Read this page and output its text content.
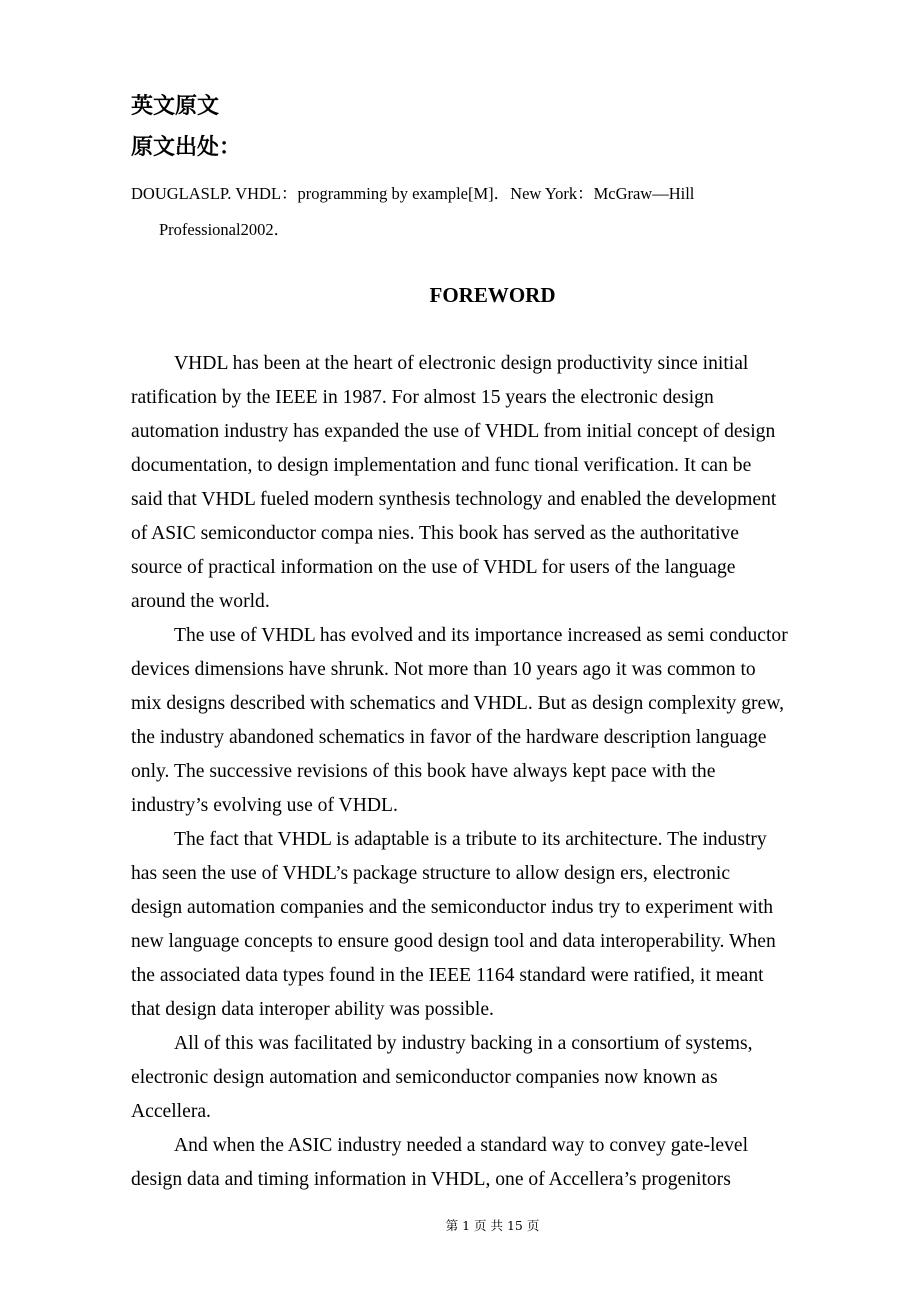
英文原文
原文出处：

DOUGLASLP. VHDL：programming by example[M]．New York：McGraw—Hill
Professional2002．

FOREWORD

VHDL has been at the heart of electronic design productivity since initial
ratification by the IEEE in 1987. For almost 15 years the electronic design
automation industry has expanded the use of VHDL from initial concept of design
documentation, to design implementation and func tional verification. It can be
said that VHDL fueled modern synthesis technology and enabled the development
of ASIC semiconductor compa nies. This book has served as the authoritative
source of practical information on the use of VHDL for users of the language
around the world.

The use of VHDL has evolved and its importance increased as semi conductor
devices dimensions have shrunk. Not more than 10 years ago it was common to
mix designs described with schematics and VHDL. But as design complexity grew,
the industry abandoned schematics in favor of the hardware description language
only. The successive revisions of this book have always kept pace with the
industry’s evolving use of VHDL.

The fact that VHDL is adaptable is a tribute to its architecture. The industry
has seen the use of VHDL’s package structure to allow design ers, electronic
design automation companies and the semiconductor indus try to experiment with
new language concepts to ensure good design tool and data interoperability. When
the associated data types found in the IEEE 1164 standard were ratified, it meant
that design data interoper ability was possible.

All of this was facilitated by industry backing in a consortium of systems,
electronic design automation and semiconductor companies now known as
Accellera.

And when the ASIC industry needed a standard way to convey gate-level
design data and timing information in VHDL, one of Accellera’s progenitors

第 1 页 共 15 页
